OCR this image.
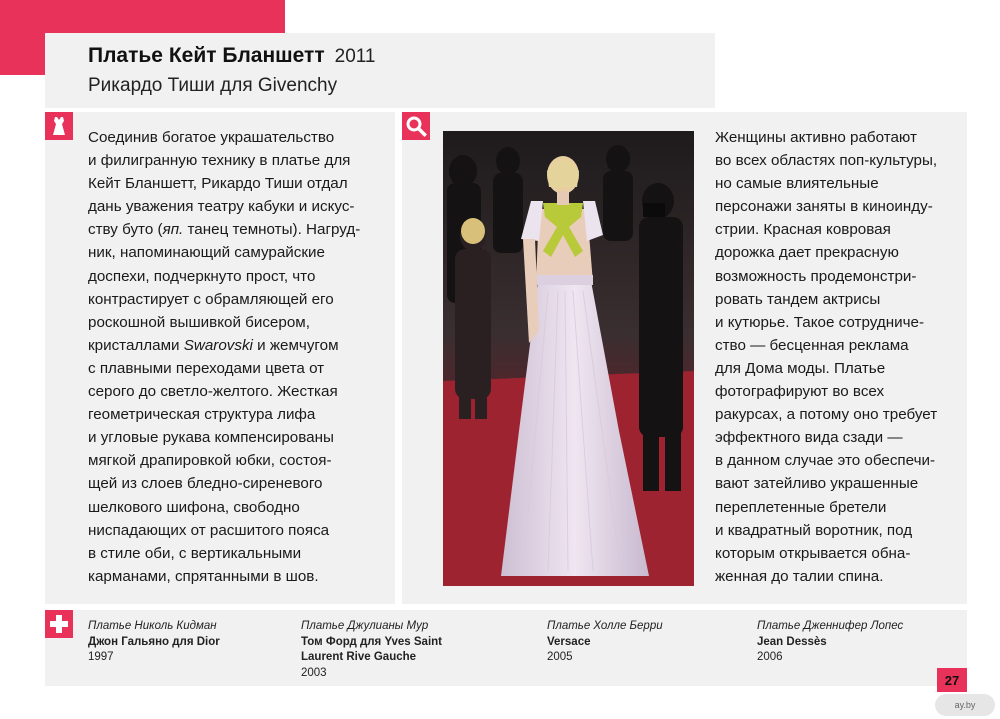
Платье Кейт Бланшетт 2011

Рикардо Тиши для Givenchy

РОСКОШЬ
КРАСНАЯ ДОРОЖКА
Соединив богатое украшательство
и филигранную технику в платье для
Кейт Бланшетт, Рикардо Тиши отдал
дань уважения театру кабуки и искус-
ству буто (яп. танец темноты). Нагруд-
ник, напоминающий самурайские
доспехи, подчеркнуто прост, что
контрастирует с обрамляющей его
роскошной вышивкой бисером,
кристаллами Swarovski и жемчугом
с плавными переходами цвета от
серого до светло-желтого. Жесткая
геометрическая структура лифа
и угловые рукава компенсированы
мягкой драпировкой юбки, состоя-
щей из слоев бледно-сиреневого
шелкового шифона, свободно
ниспадающих от расшитого пояса
в стиле оби, с вертикальными
карманами, спрятанными в шов.
Женщины активно работают
во всех областях поп-культуры,
но самые влиятельные
персонажи заняты в киноинду-
стрии. Красная ковровая
дорожка дает прекрасную
возможность продемонстри-
ровать тандем актрисы
и кутюрье. Такое сотрудниче-
ство — бесценная реклама
для Дома моды. Платье
фотографируют во всех
ракурсах, а потому оно требует
эффектного вида сзади —
в данном случае это обеспечи-
вают затейливо украшенные
переплетенные бретели
и квадратный воротник, под
которым открывается обна-
женная до талии спина.
Платье Николь Кидман
Джон Гальяно для Dior
1997
Платье Джулианы Мур
Том Форд для Yves Saint
Laurent Rive Gauche
2003
Платье Холле Берри
Versace
2005
Платье Дженнифер Лопес
Jean Dessès
2006
27
ay.by
